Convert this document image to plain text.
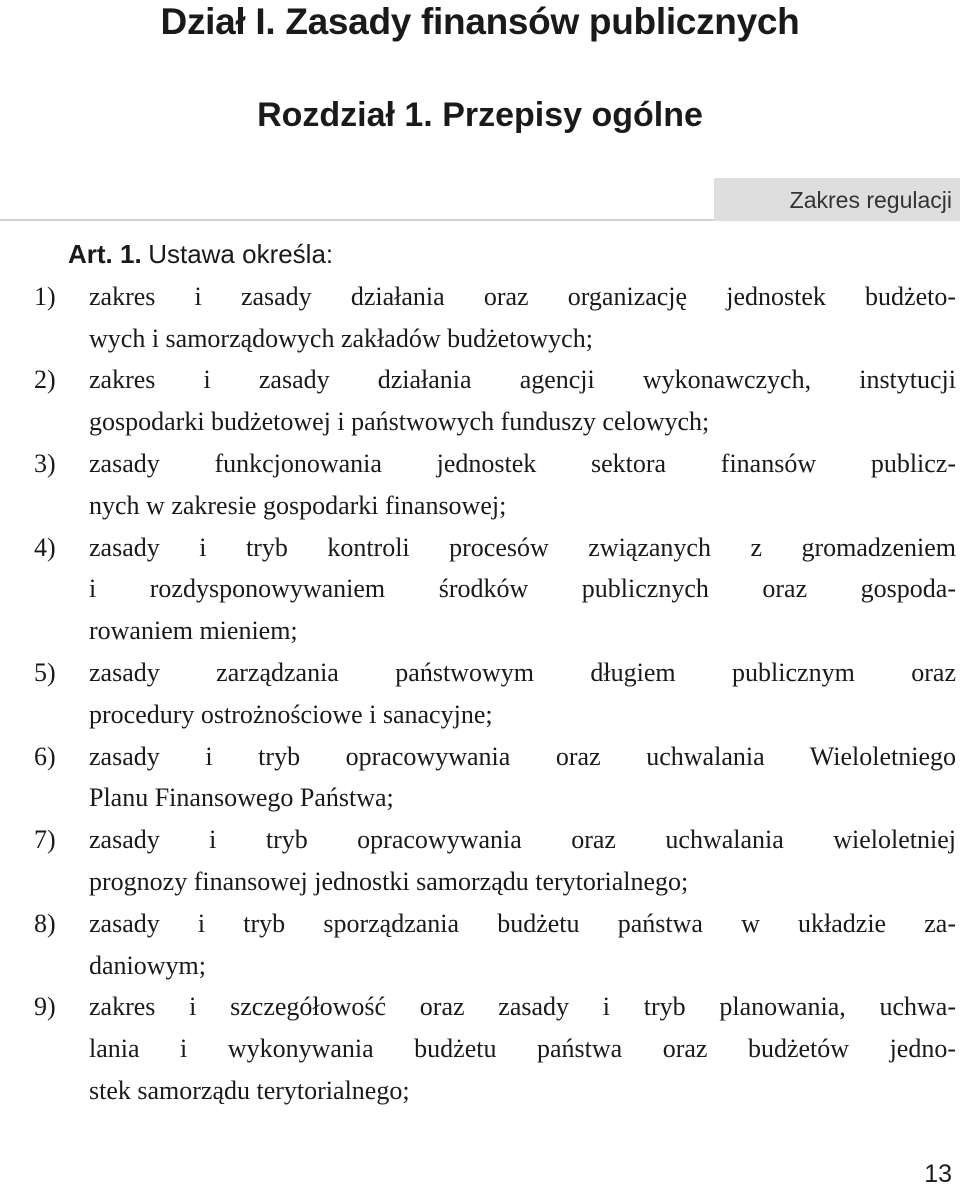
Dział I. Zasady finansów publicznych
Rozdział 1. Przepisy ogólne
Zakres regulacji

Art. 1. Ustawa określa:

1)	zakres i zasady działania oraz organizację jednostek budżeto-
wych i samorządowych zakładów budżetowych;
2)	zakres i zasady działania agencji wykonawczych, instytucji
gospodarki budżetowej i państwowych funduszy celowych;
3)	zasady funkcjonowania jednostek sektora finansów publicz-
nych w zakresie gospodarki finansowej;
4)	zasady i tryb kontroli procesów związanych z gromadzeniem
i rozdysponowywaniem środków publicznych oraz gospoda-
rowaniem mieniem;
5)	zasady zarządzania państwowym długiem publicznym oraz
procedury ostrożnościowe i sanacyjne;
6)	zasady i tryb opracowywania oraz uchwalania Wieloletniego
Planu Finansowego Państwa;
7)	zasady i tryb opracowywania oraz uchwalania wieloletniej
prognozy finansowej jednostki samorządu terytorialnego;
8)	zasady i tryb sporządzania budżetu państwa w układzie za-
daniowym;
9)	zakres i szczegółowość oraz zasady i tryb planowania, uchwa-
lania i wykonywania budżetu państwa oraz budżetów jedno-
stek samorządu terytorialnego;
13
